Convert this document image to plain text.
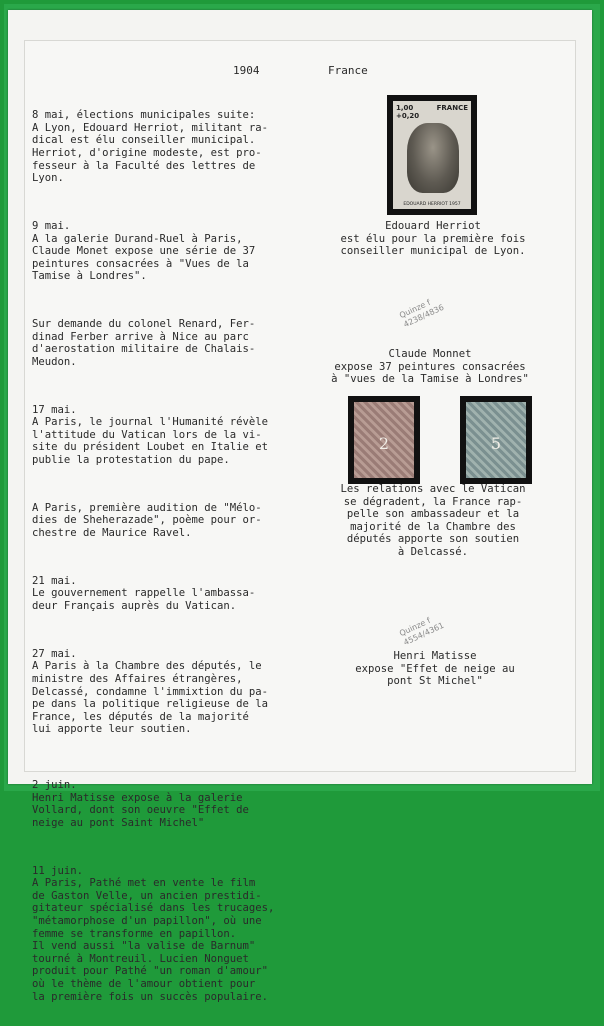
1904	France

8 mai, élections municipales suite:
A Lyon, Edouard Herriot, militant ra-
dical est élu conseiller municipal.
Herriot, d'origine modeste, est pro-
fesseur à la Faculté des lettres de
Lyon.

9 mai.
A la galerie Durand-Ruel à Paris,
Claude Monet expose une série de 37
peintures consacrées à "Vues de la
Tamise à Londres".

Sur demande du colonel Renard, Fer-
dinad Ferber arrive à Nice au parc
d'aerostation militaire de Chalais-
Meudon.

17 mai.
A Paris, le journal l'Humanité révèle
l'attitude du Vatican lors de la vi-
site du président Loubet en Italie et
publie la protestation du pape.

A Paris, première audition de "Mélo-
dies de Sheherazade", poème pour or-
chestre de Maurice Ravel.

21 mai.
Le gouvernement rappelle l'ambassa-
deur Français auprès du Vatican.

27 mai.
A Paris à la Chambre des députés, le
ministre des Affaires étrangères,
Delcassé, condamne l'immixtion du pa-
pe dans la politique religieuse de la
France, les députés de la majorité
lui apporte leur soutien.

2 juin.
Henri Matisse expose à la galerie
Vollard, dont son oeuvre "Effet de
neige au pont Saint Michel"

11 juin.
A Paris, Pathé met en vente le film
de Gaston Velle, un ancien prestidi-
gitateur spécialisé dans les trucages,
"métamorphose d'un papillon", où une
femme se transforme en papillon.
Il vend aussi "la valise de Barnum"
tourné à Montreuil. Lucien Nonguet
produit pour Pathé "un roman d'amour"
où le thème de l'amour obtient pour
la première fois un succès populaire.

1,00
+0,20
FRANCE
EDOUARD HERRIOT 1957
Edouard Herriot
est élu pour la première fois
conseiller municipal de Lyon.
Quinze f
4238/4836
Claude Monnet
expose 37 peintures consacrées
à "vues de la Tamise à Londres"
2	5
Les relations avec le Vatican
se dégradent, la France rap-
pelle son ambassadeur et la
majorité de la Chambre des
députés apporte son soutien
à Delcassé.
Quinze f
4554/4361
Henri Matisse
expose "Effet de neige au
pont St Michel"
